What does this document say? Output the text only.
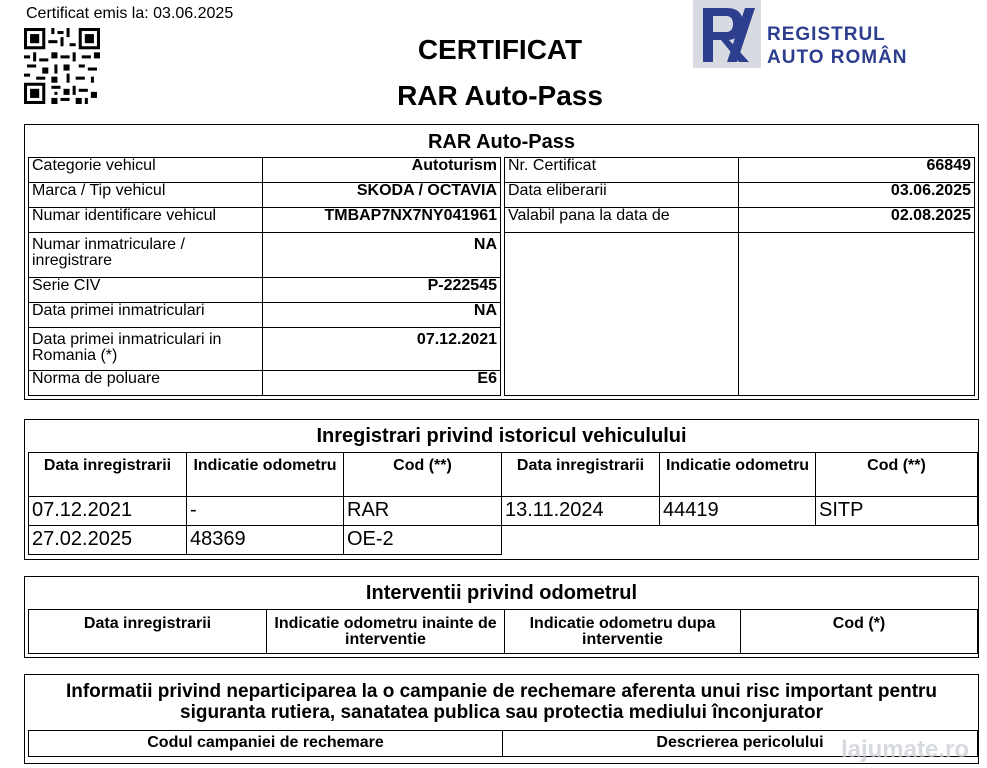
Certificat emis la: 03.06.2025
CERTIFICAT
RAR Auto-Pass
REGISTRUL
AUTO ROMÂN
RAR Auto-Pass
Categorie vehicul	Autoturism
Marca / Tip vehicul	SKODA / OCTAVIA
Numar identificare vehicul	TMBAP7NX7NY041961
Numar inmatriculare / inregistrare	NA
Serie CIV	P-222545
Data primei inmatriculari	NA
Data primei inmatriculari in Romania (*)	07.12.2021
Norma de poluare	E6
Nr. Certificat	66849
Data eliberarii	03.06.2025
Valabil pana la data de	02.08.2025

Inregistrari privind istoricul vehiculului
Data inregistrarii	Indicatie odometru	Cod (**)	Data inregistrarii	Indicatie odometru	Cod (**)
07.12.2021	-	RAR	13.11.2024	44419	SITP
27.02.2025	48369	OE-2			
Interventii privind odometrul
Data inregistrarii	Indicatie odometru inainte de interventie	Indicatie odometru dupa interventie	Cod (*)
Informatii privind neparticiparea la o campanie de rechemare aferenta unui risc important pentru siguranta rutiera, sanatatea publica sau protectia mediului înconjurator
Codul campaniei de rechemare	Descrierea pericolului lajumate.ro
